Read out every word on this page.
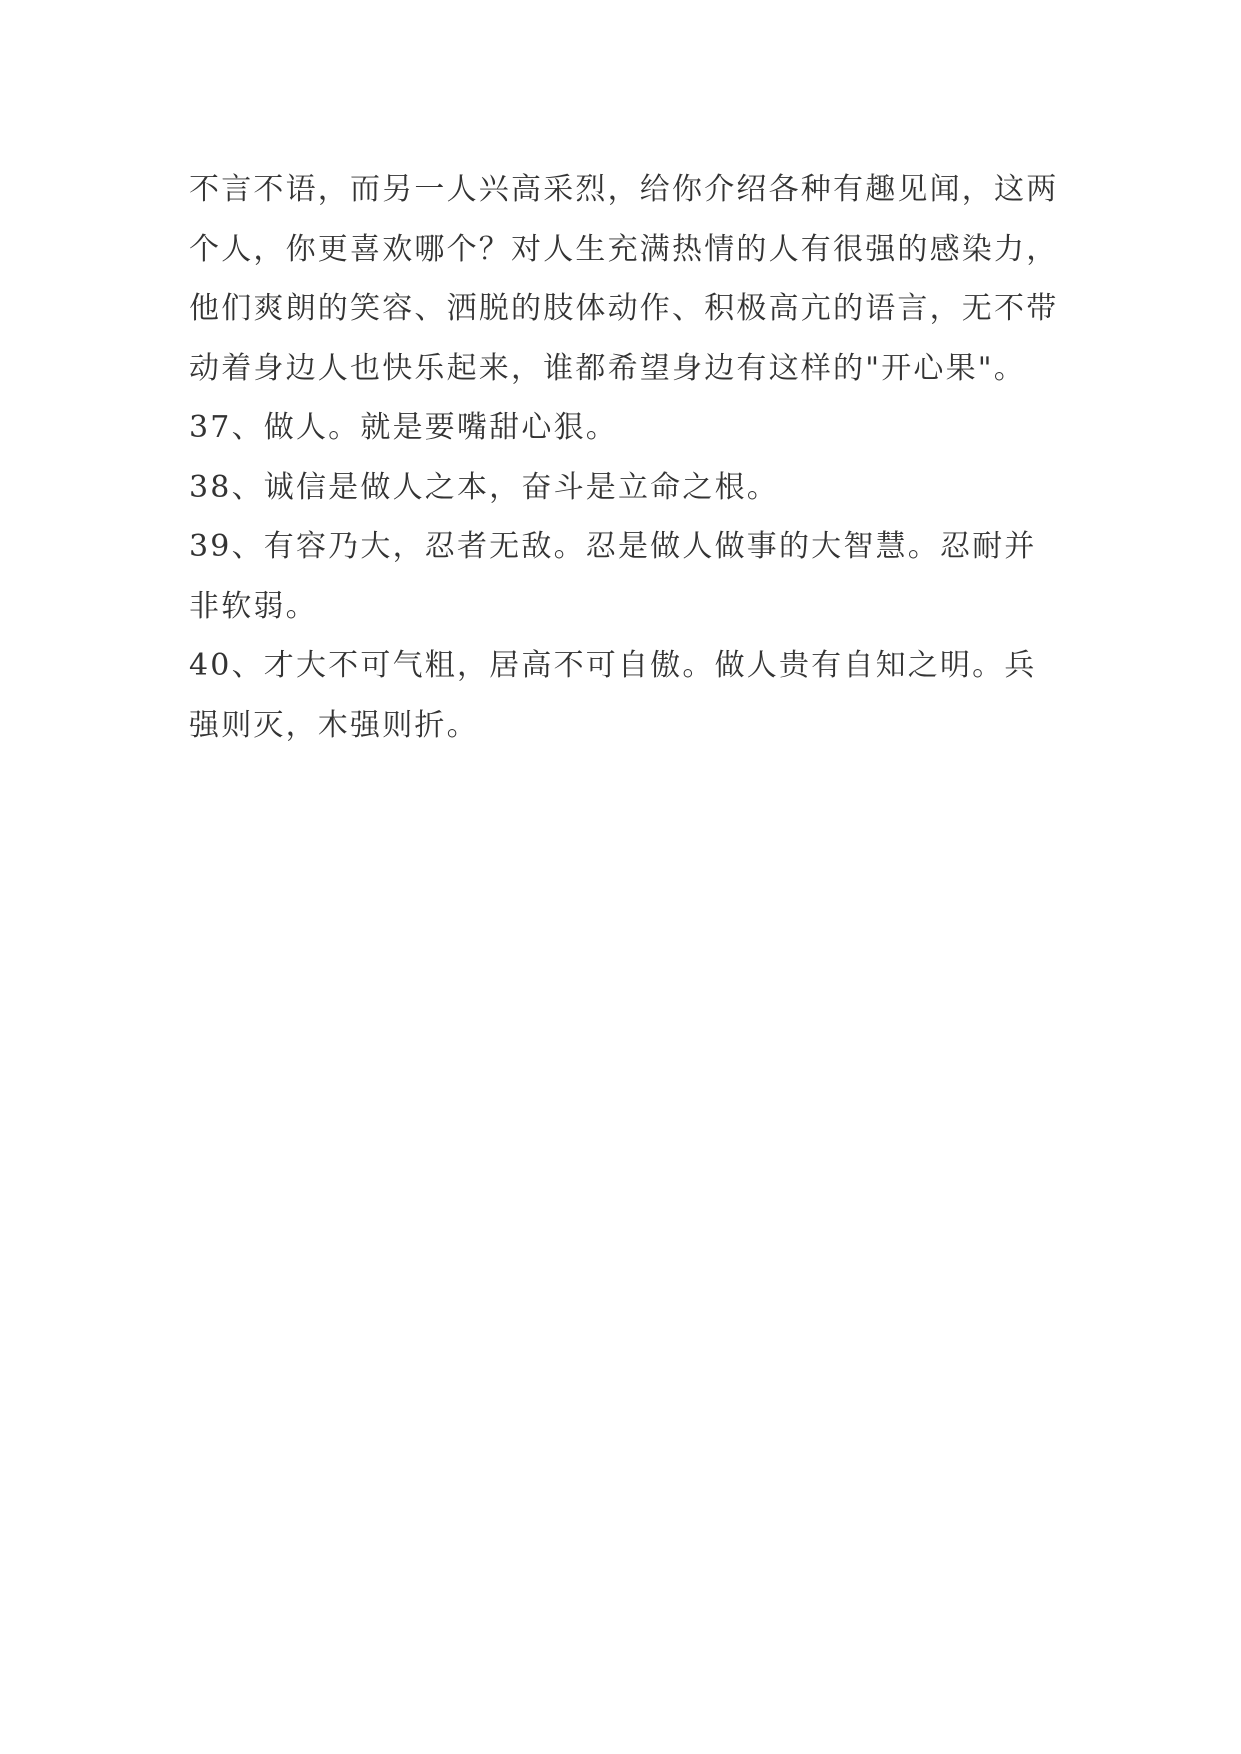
不言不语，而另一人兴高采烈，给你介绍各种有趣见闻，这两个人，你更喜欢哪个？对人生充满热情的人有很强的感染力，他们爽朗的笑容、洒脱的肢体动作、积极高亢的语言，无不带动着身边人也快乐起来，谁都希望身边有这样的"开心果"。

37、做人。就是要嘴甜心狠。

38、诚信是做人之本，奋斗是立命之根。

39、有容乃大，忍者无敌。忍是做人做事的大智慧。忍耐并非软弱。

40、才大不可气粗，居高不可自傲。做人贵有自知之明。兵强则灭，木强则折。
